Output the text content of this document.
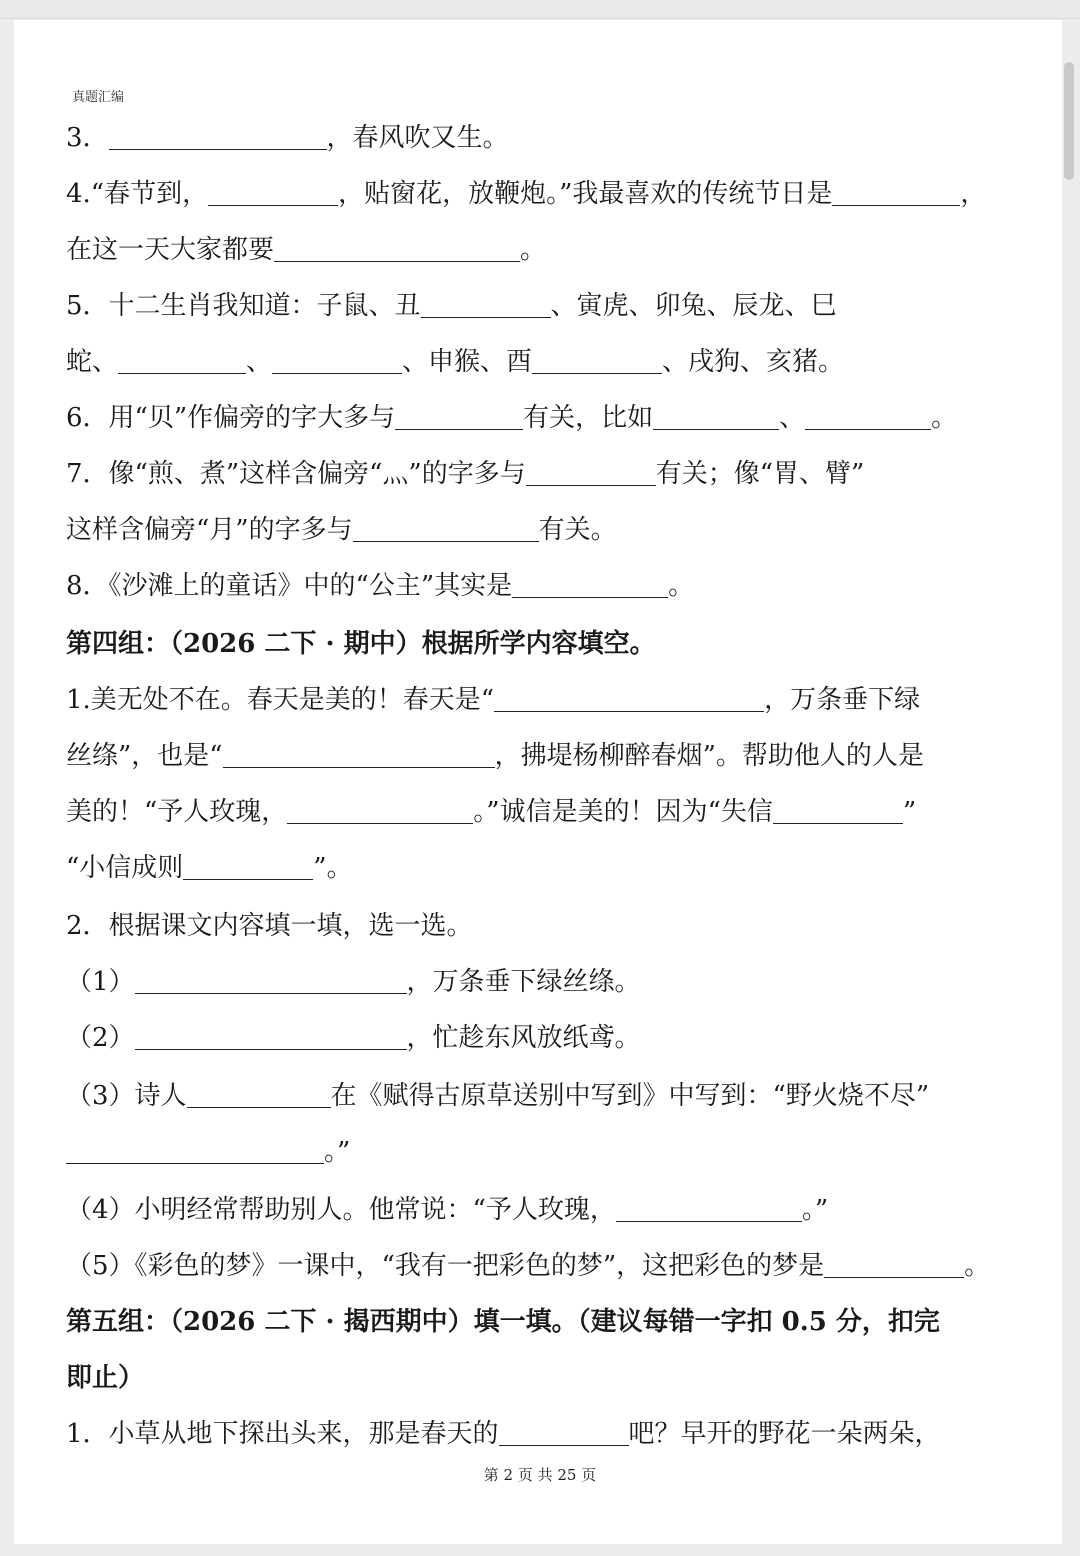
真题汇编
3．	，春风吹又生。
4.“春节到，	，贴窗花，放鞭炮。”我最喜欢的传统节日是	，
在这一天大家都要	。
5．十二生肖我知道：子鼠、丑	、寅虎、卯兔、辰龙、巳
蛇、	、	、申猴、酉	、戌狗、亥猪。
6．用“贝”作偏旁的字大多与	有关，比如	、	。
7．像“煎、煮”这样含偏旁“灬”的字多与	有关；像“胃、臂”
这样含偏旁“月”的字多与	有关。
8．《沙滩上的童话》中的“公主”其实是	。
第四组：（2026 二下 · 期中）根据所学内容填空。
1.美无处不在。春天是美的！春天是“	，万条垂下绿
丝绦”，也是“	，拂堤杨柳醉春烟”。帮助他人的人是
美的！“予人玫瑰，	。”诚信是美的！因为“失信	”
“小信成则	”。
2．根据课文内容填一填，选一选。
（1）	，万条垂下绿丝绦。
（2）	，忙趁东风放纸鸢。
（3）诗人	在《赋得古原草送别中写到》中写到：“野火烧不尽”
。”
（4）小明经常帮助别人。他常说：“予人玫瑰，	。”
（5）《彩色的梦》一课中，“我有一把彩色的梦”，这把彩色的梦是	。
第五组：（2026 二下 · 揭西期中）填一填。（建议每错一字扣 0.5 分，扣完
即止）
1．小草从地下探出头来，那是春天的	吧？早开的野花一朵两朵，
第 2 页 共 25 页
